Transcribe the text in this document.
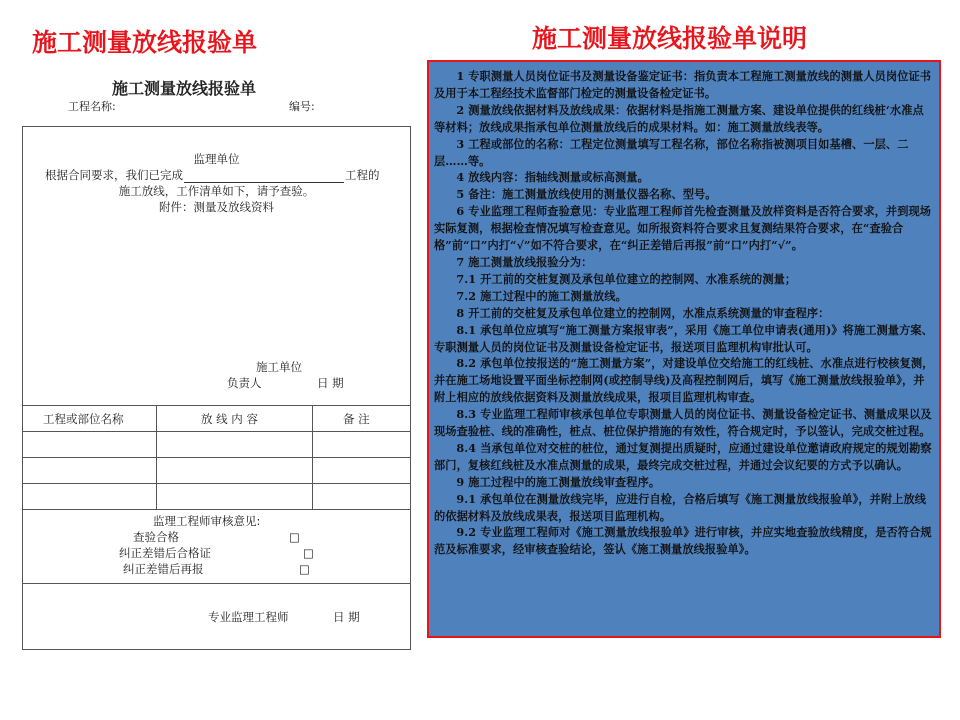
施工测量放线报验单	施工测量放线报验单说明
施工测量放线报验单
工程名称:	编号:
监理单位
根据合同要求，我们已完成	工程的
施工放线，工作清单如下，请予查验。
附件：测量及放线资料
施工单位
负责人	日 期
工程或部位名称	放 线 内 容	备 注
监理工程师审核意见:
查验合格	□
纠正差错后合格证	□
纠正差错后再报	□
专业监理工程师	日 期

1 专职测量人员岗位证书及测量设备鉴定证书：指负责本工程施工测量放线的测量人员岗位证书及用于本工程经技术监督部门检定的测量设备检定证书。

2 测量放线依据材料及放线成果：依据材料是指施工测量方案、建设单位提供的红线桩‘水准点等材料；放线成果指承包单位测量放线后的成果材料。如：施工测量放线表等。

3 工程或部位的名称：工程定位测量填写工程名称，部位名称指被测项目如基槽、一层、二层……等。

4 放线内容：指轴线测量或标高测量。

5 备注：施工测量放线使用的测量仪器名称、型号。

6 专业监理工程师查验意见：专业监理工程师首先检查测量及放样资料是否符合要求，并到现场实际复测，根据检查情况填写检查意见。如所报资料符合要求且复测结果符合要求，在“查验合格”前“口”内打“√”如不符合要求，在“纠正差错后再报”前“口”内打“√”。

7 施工测量放线报验分为：

7.1 开工前的交桩复测及承包单位建立的控制网、水准系统的测量；

7.2 施工过程中的施工测量放线。

8 开工前的交桩复及承包单位建立的控制网，水准点系统测量的审查程序：

8.1 承包单位应填写“施工测量方案报审表”，采用《施工单位申请表(通用)》将施工测量方案、专职测量人员的岗位证书及测量设备检定证书，报送项目监理机构审批认可。

8.2 承包单位按报送的“施工测量方案”，对建设单位交给施工的红线桩、水准点进行校核复测，并在施工场地设置平面坐标控制网(或控制导线)及高程控制网后，填写《施工测量放线报验单》，并附上相应的放线依据资料及测量放线成果，报项目监理机构审查。

8.3 专业监理工程师审核承包单位专职测量人员的岗位证书、测量设备检定证书、测量成果以及现场查验桩、线的准确性，桩点、桩位保护措施的有效性，符合规定时，予以签认，完成交桩过程。

8.4 当承包单位对交桩的桩位，通过复测提出质疑时，应通过建设单位邀请政府规定的规划勘察部门，复核红线桩及水准点测量的成果，最终完成交桩过程，并通过会议纪要的方式予以确认。

9 施工过程中的施工测量放线审查程序。

9.1 承包单位在测量放线完毕，应进行自检，合格后填写《施工测量放线报验单》，并附上放线的依据材料及放线成果表，报送项目监理机构。

9.2 专业监理工程师对《施工测量放线报验单》进行审核，并应实地查验放线精度，是否符合规范及标准要求，经审核查验结论，签认《施工测量放线报验单》。
